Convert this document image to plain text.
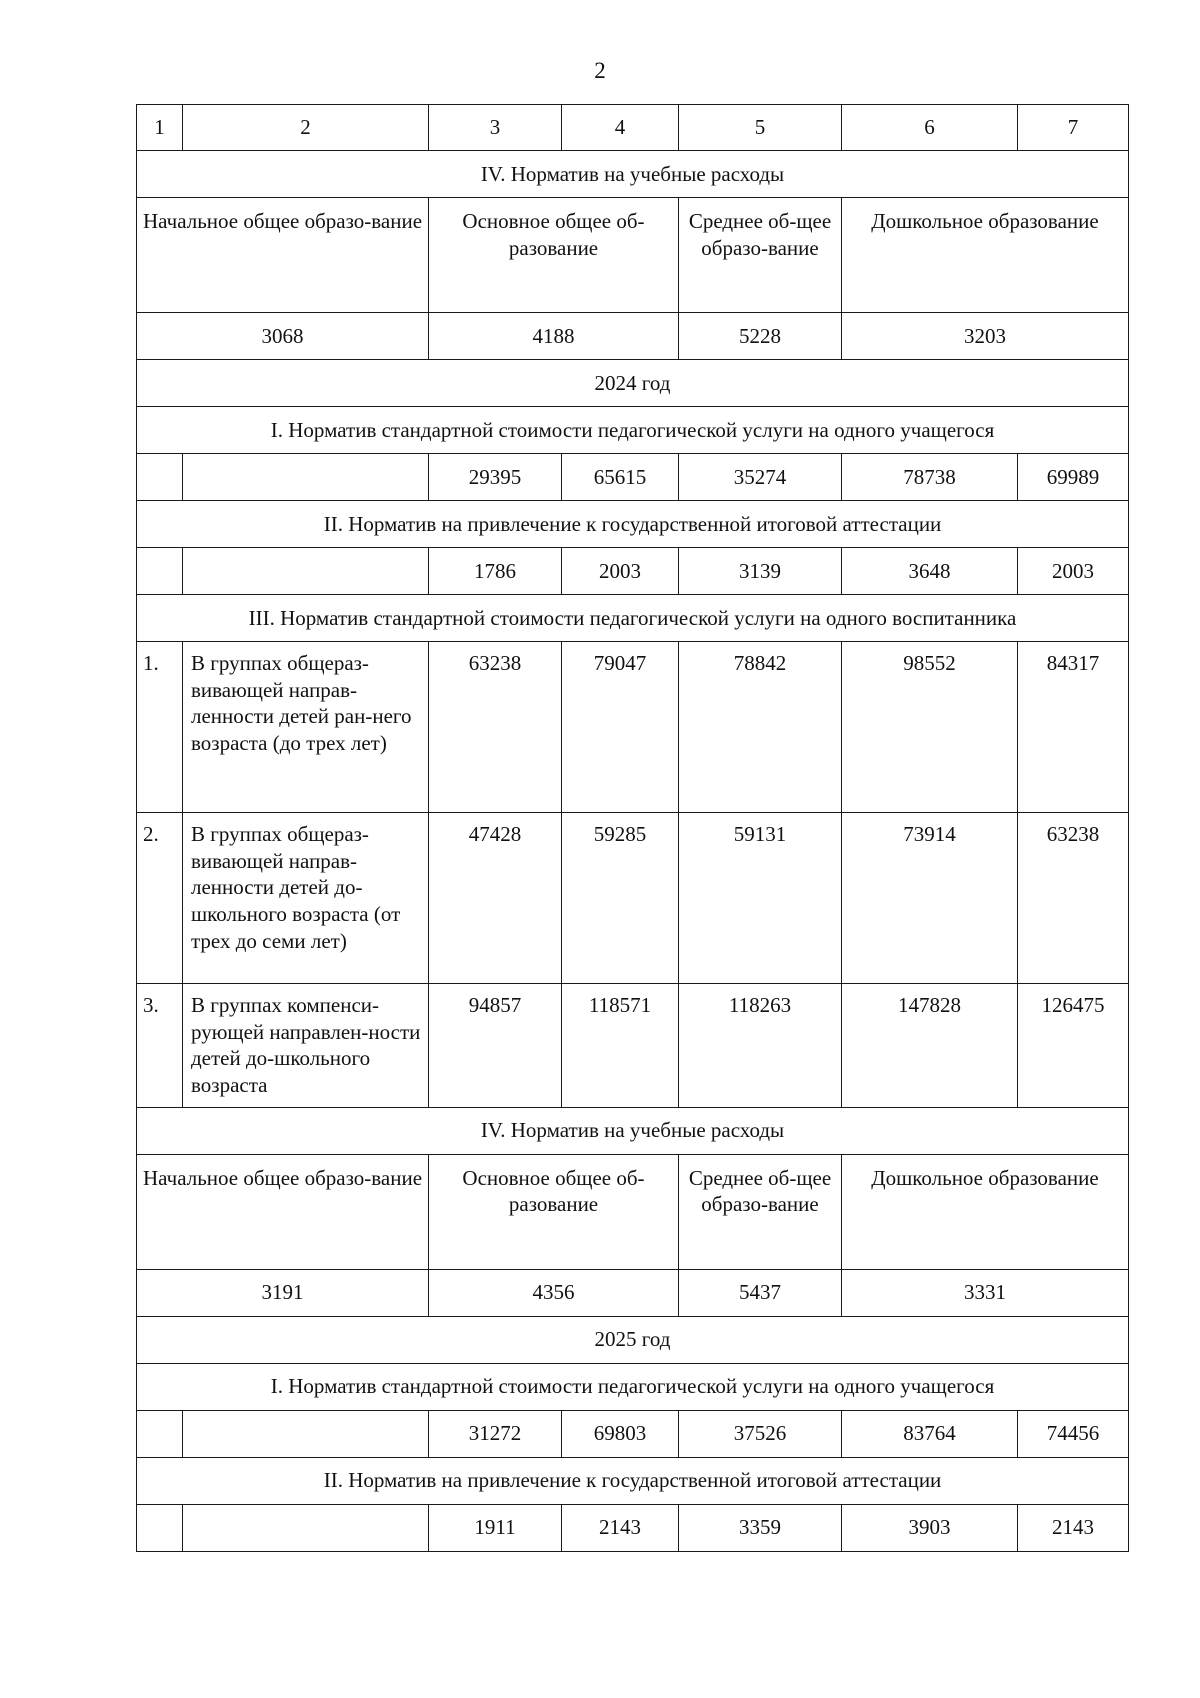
2
1	2	3	4	5	6	7
IV. Норматив на учебные расходы						
Начальное общее образо-вание		Основное общее об-разование		Среднее об-щее образо-вание	Дошкольное образование	
3068		4188		5228	3203	
2024 год						
I. Норматив стандартной стоимости педагогической услуги на одного учащегося						
		29395	65615	35274	78738	69989
II. Норматив на привлечение к государственной итоговой аттестации						
		1786	2003	3139	3648	2003
III. Норматив стандартной стоимости педагогической услуги на одного воспитанника						
1.	В группах общераз-вивающей направ-ленности детей ран-него возраста (до трех лет)	63238	79047	78842	98552	84317
2.	В группах общераз-вивающей направ-ленности детей до-школьного возраста (от трех до семи лет)	47428	59285	59131	73914	63238
3.	В группах компенси-рующей направлен-ности детей до-школьного возраста	94857	118571	118263	147828	126475
IV. Норматив на учебные расходы						
Начальное общее образо-вание		Основное общее об-разование		Среднее об-щее образо-вание	Дошкольное образование	
3191		4356		5437	3331	
2025 год						
I. Норматив стандартной стоимости педагогической услуги на одного учащегося						
		31272	69803	37526	83764	74456
II. Норматив на привлечение к государственной итоговой аттестации						
		1911	2143	3359	3903	2143
